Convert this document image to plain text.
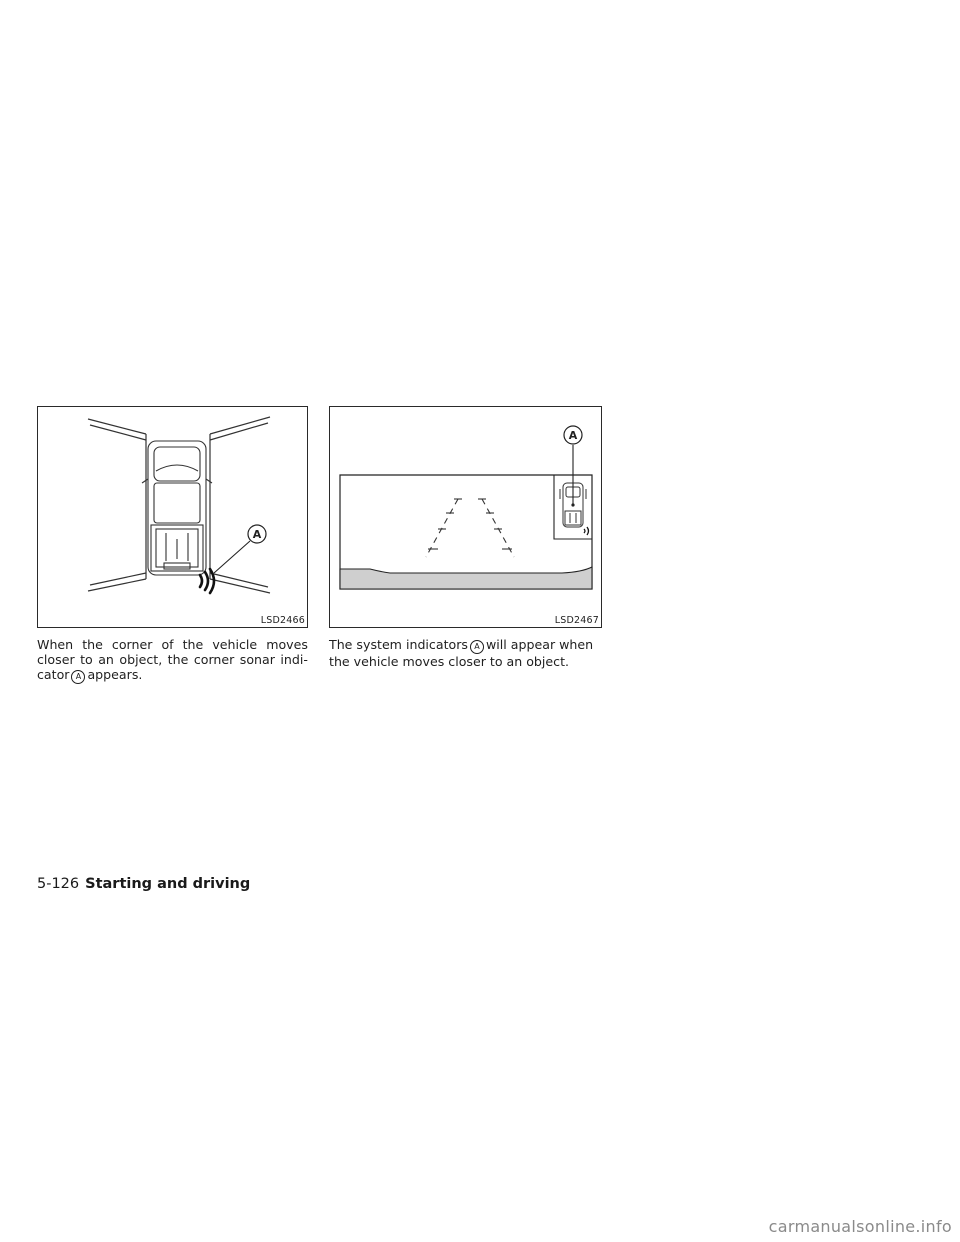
A
LSD2466
A
LSD2467
When the corner of the vehicle moves
closer to an object, the corner sonar indi-
cator A appears.
The system indicators A will appear when
the vehicle moves closer to an object.
5-126 Starting and driving
carmanualsonline.info
